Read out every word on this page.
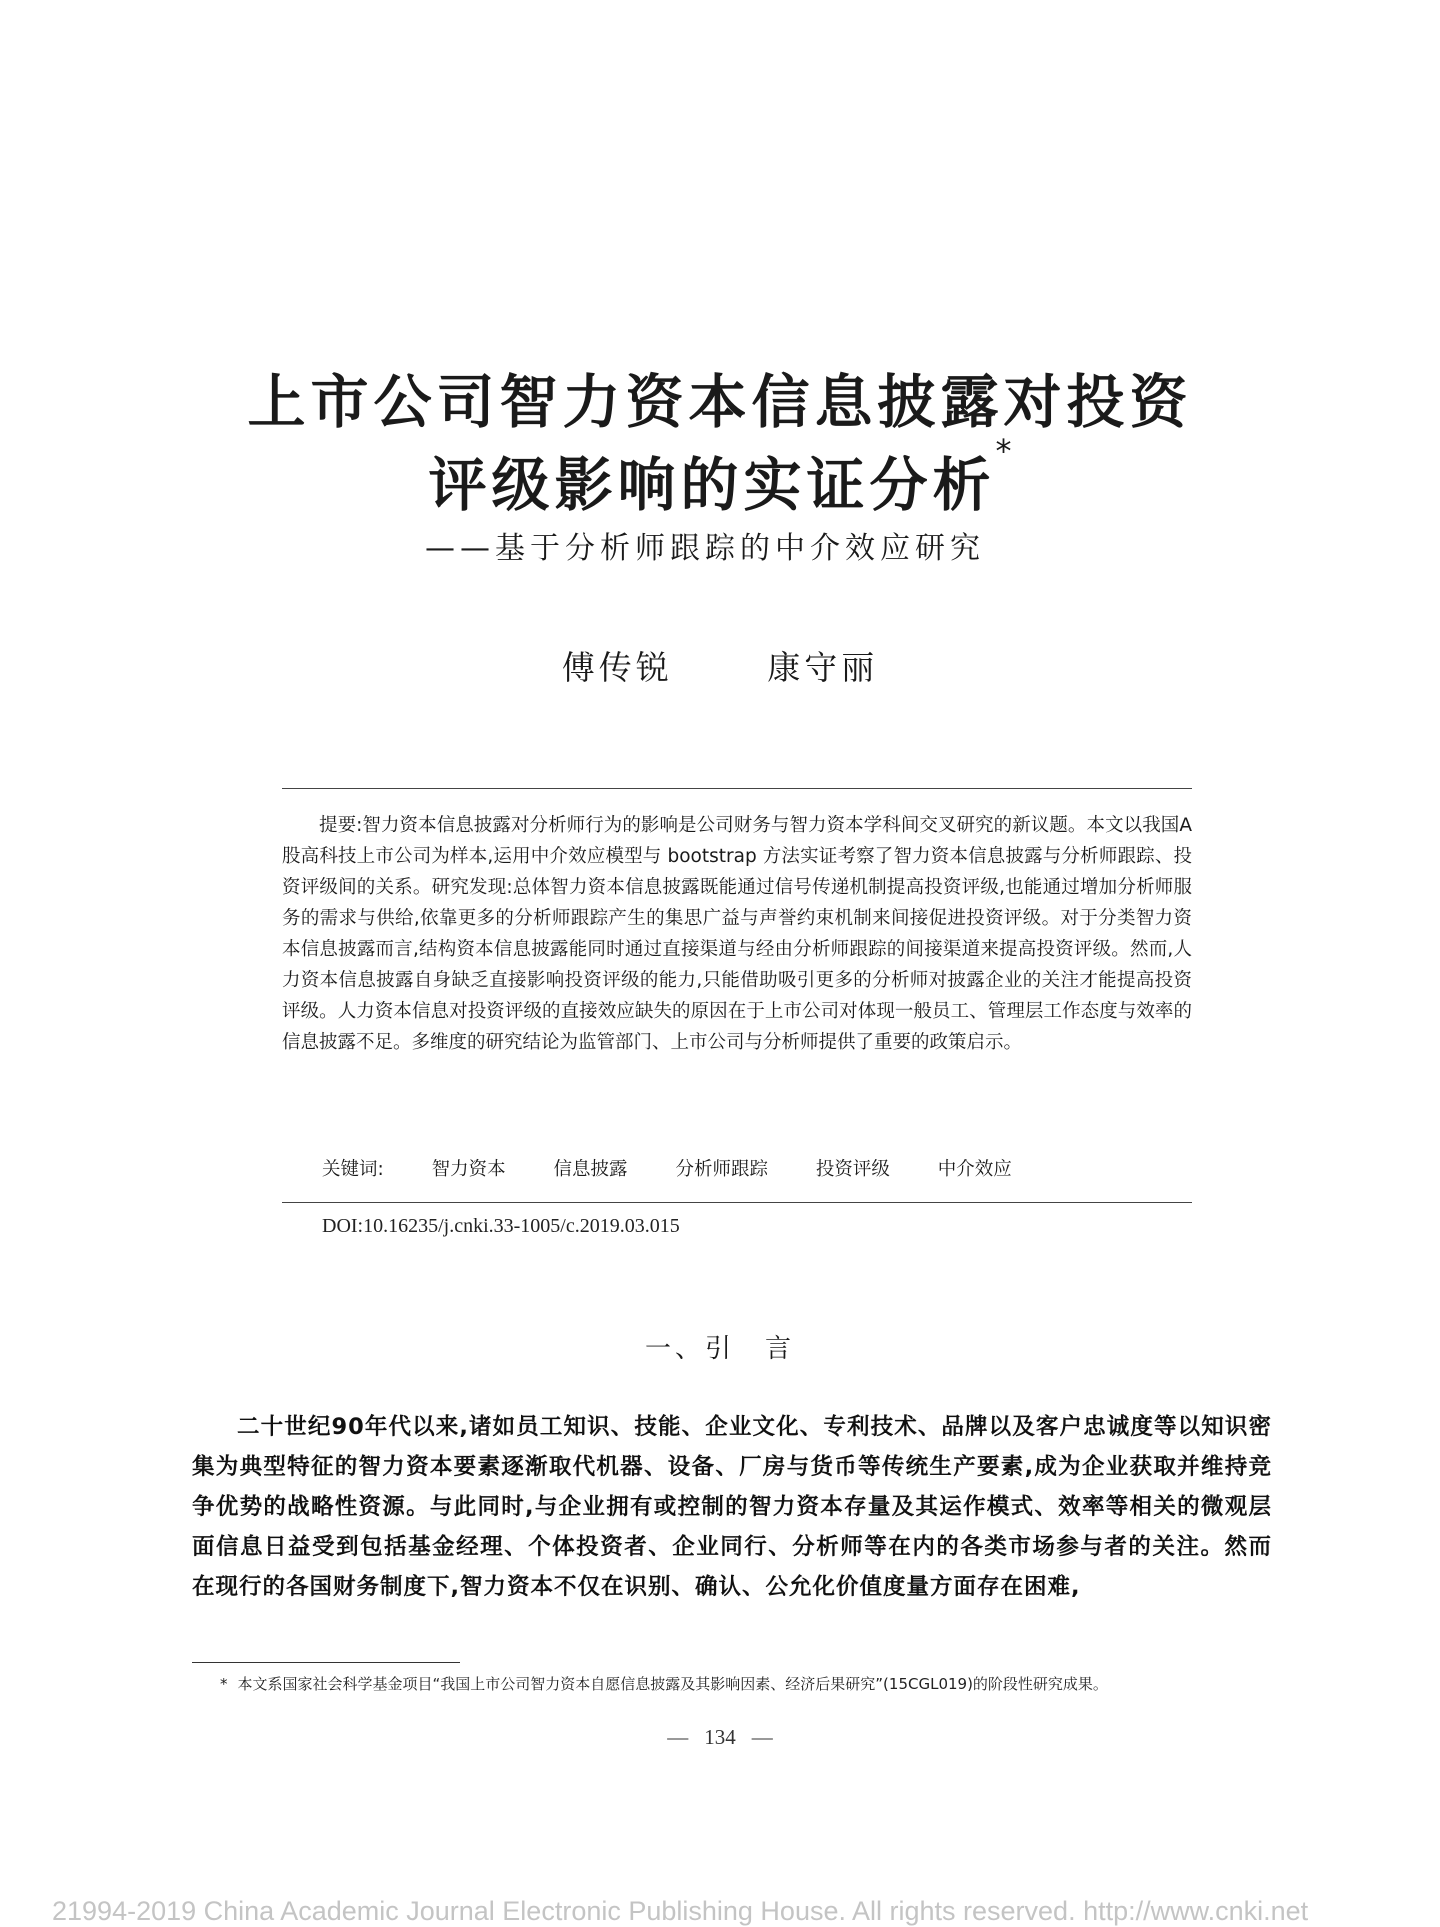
上市公司智力资本信息披露对投资
评级影响的实证分析*
——基于分析师跟踪的中介效应研究
傅传锐	康守丽

提要:智力资本信息披露对分析师行为的影响是公司财务与智力资本学科间交叉研究的新议题。本文以我国A股高科技上市公司为样本,运用中介效应模型与 bootstrap 方法实证考察了智力资本信息披露与分析师跟踪、投资评级间的关系。研究发现:总体智力资本信息披露既能通过信号传递机制提高投资评级,也能通过增加分析师服务的需求与供给,依靠更多的分析师跟踪产生的集思广益与声誉约束机制来间接促进投资评级。对于分类智力资本信息披露而言,结构资本信息披露能同时通过直接渠道与经由分析师跟踪的间接渠道来提高投资评级。然而,人力资本信息披露自身缺乏直接影响投资评级的能力,只能借助吸引更多的分析师对披露企业的关注才能提高投资评级。人力资本信息对投资评级的直接效应缺失的原因在于上市公司对体现一般员工、管理层工作态度与效率的信息披露不足。多维度的研究结论为监管部门、上市公司与分析师提供了重要的政策启示。

关键词:	智力资本	信息披露	分析师跟踪	投资评级	中介效应
DOI:10.16235/j.cnki.33-1005/c.2019.03.015
一、引　言

二十世纪90年代以来,诸如员工知识、技能、企业文化、专利技术、品牌以及客户忠诚度等以知识密集为典型特征的智力资本要素逐渐取代机器、设备、厂房与货币等传统生产要素,成为企业获取并维持竞争优势的战略性资源。与此同时,与企业拥有或控制的智力资本存量及其运作模式、效率等相关的微观层面信息日益受到包括基金经理、个体投资者、企业同行、分析师等在内的各类市场参与者的关注。然而在现行的各国财务制度下,智力资本不仅在识别、确认、公允化价值度量方面存在困难,

* 本文系国家社会科学基金项目“我国上市公司智力资本自愿信息披露及其影响因素、经济后果研究”(15CGL019)的阶段性研究成果。
— 134 —
21994-2019 China Academic Journal Electronic Publishing House. All rights reserved. http://www.cnki.net
